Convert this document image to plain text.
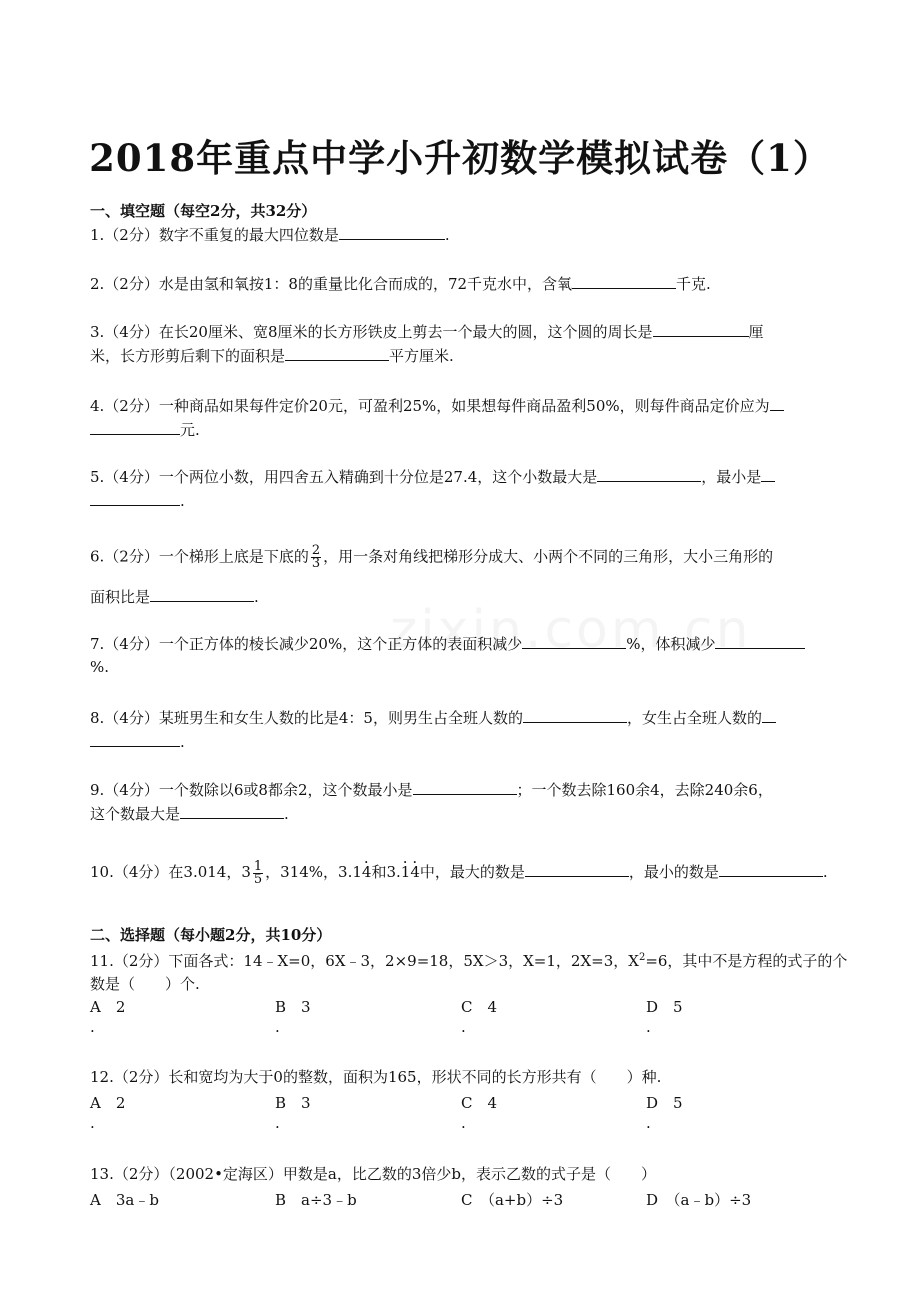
2018年重点中学小升初数学模拟试卷（1）
一、填空题（每空2分，共32分）
1.（2分）数字不重复的最大四位数是	.
2.（2分）水是由氢和氧按1：8的重量比化合而成的，72千克水中，含氧	千克.
3.（4分）在长20厘米、宽8厘米的长方形铁皮上剪去一个最大的圆，这个圆的周长是	厘
米，长方形剪后剩下的面积是	平方厘米.
4.（2分）一种商品如果每件定价20元，可盈利25%，如果想每件商品盈利50%，则每件商品定价应为
元.
5.（4分）一个两位小数，用四舍五入精确到十分位是27.4，这个小数最大是	，最小是
.
6.（2分）一个梯形上底是下底的 $\frac{2}{3}$ ，用一条对角线把梯形分成大、小两个不同的三角形，大小三角形的
面积比是	.
7.（4分）一个正方体的棱长减少20%，这个正方体的表面积减少	%，体积减少
%.
8.（4分）某班男生和女生人数的比是4：5，则男生占全班人数的	，女生占全班人数的
.
9.（4分）一个数除以6或8都余2，这个数最小是	；一个数去除160余4，去除240余6，
这个数最大是	.
10.（4分）在3.014，$3 \frac{1}{5}$ ，314%，3.1. 4和3.. 1. 4中，最大的数是	，最小的数是	.
二、选择题（每小题2分，共10分）
11.（2分）下面各式：14﹣X=0，6X﹣3，2×9=18，5X＞3，X=1，2X=3，$X^2=6$，其中不是方程的式子的个
数是（　　）个.
A　2	B　3	C　4	D　5
.	.	.	.
12.（2分）长和宽均为大于0的整数，面积为165，形状不同的长方形共有（　　）种.
A　2	B　3	C　4	D　5
.	.	.	.
13.（2分）（2002•定海区）甲数是a，比乙数的3倍少b，表示乙数的式子是（　　）
A　3a﹣b	B　a÷3﹣b	C　（a+b）÷3	D　（a﹣b）÷3
